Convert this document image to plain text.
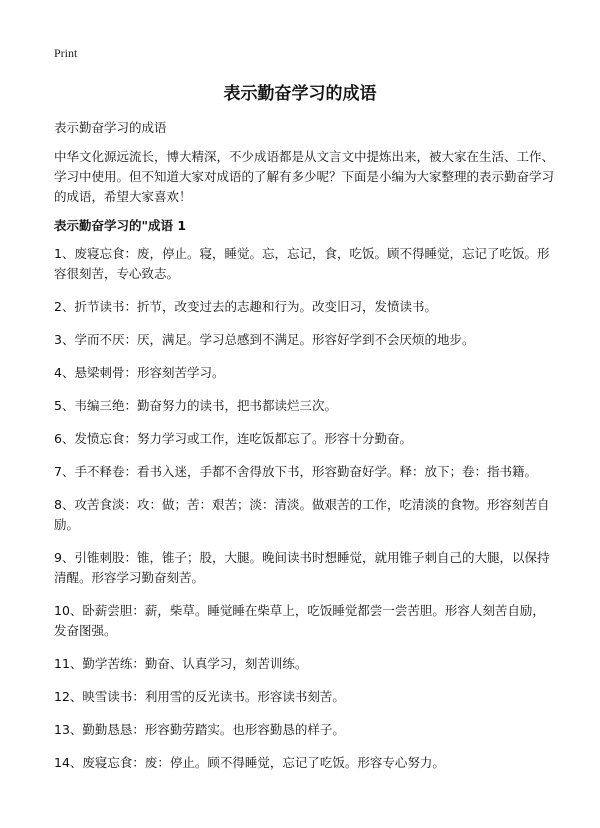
Print
表示勤奋学习的成语

表示勤奋学习的成语

中华文化源远流长，博大精深，不少成语都是从文言文中提炼出来，被大家在生活、工作、学习中使用。但不知道大家对成语的了解有多少呢？下面是小编为大家整理的表示勤奋学习的成语，希望大家喜欢！

表示勤奋学习的"成语 1

1、废寝忘食：废，停止。寝，睡觉。忘，忘记，食，吃饭。顾不得睡觉，忘记了吃饭。形容很刻苦，专心致志。

2、折节读书：折节，改变过去的志趣和行为。改变旧习，发愤读书。

3、学而不厌：厌，满足。学习总感到不满足。形容好学到不会厌烦的地步。

4、悬梁刺骨：形容刻苦学习。

5、韦编三绝：勤奋努力的读书，把书都读烂三次。

6、发愤忘食：努力学习或工作，连吃饭都忘了。形容十分勤奋。

7、手不释卷：看书入迷，手都不舍得放下书，形容勤奋好学。释：放下；卷：指书籍。

8、攻苦食淡：攻：做；苦：艰苦；淡：清淡。做艰苦的工作，吃清淡的食物。形容刻苦自励。

9、引锥刺股：锥，锥子；股，大腿。晚间读书时想睡觉，就用锥子刺自己的大腿，以保持清醒。形容学习勤奋刻苦。

10、卧薪尝胆：薪，柴草。睡觉睡在柴草上，吃饭睡觉都尝一尝苦胆。形容人刻苦自励，发奋图强。

11、勤学苦练：勤奋、认真学习，刻苦训练。

12、映雪读书：利用雪的反光读书。形容读书刻苦。

13、勤勤恳恳：形容勤劳踏实。也形容勤恳的样子。

14、废寝忘食：废：停止。顾不得睡觉，忘记了吃饭。形容专心努力。
